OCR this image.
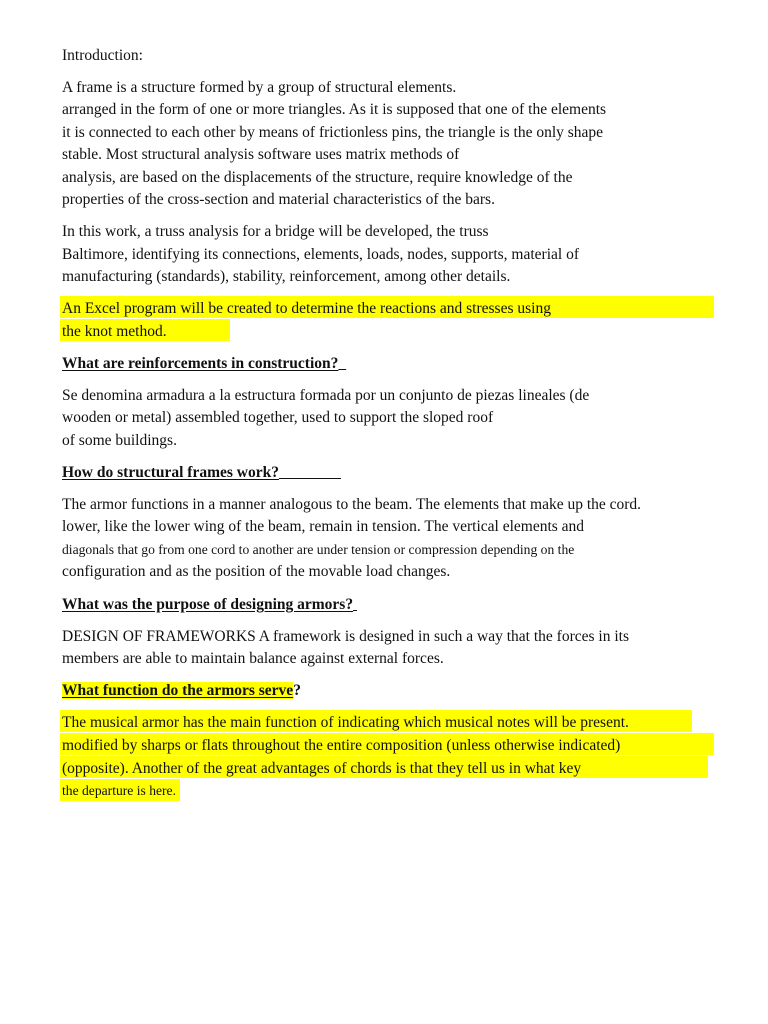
Introduction:
A frame is a structure formed by a group of structural elements.
arranged in the form of one or more triangles. As it is supposed that one of the elements
it is connected to each other by means of frictionless pins, the triangle is the only shape
stable. Most structural analysis software uses matrix methods of
analysis, are based on the displacements of the structure, require knowledge of the
properties of the cross-section and material characteristics of the bars.
In this work, a truss analysis for a bridge will be developed, the truss
Baltimore, identifying its connections, elements, loads, nodes, supports, material of
manufacturing (standards), stability, reinforcement, among other details.
An Excel program will be created to determine the reactions and stresses using
the knot method.
What are reinforcements in construction?
Se denomina armadura a la estructura formada por un conjunto de piezas lineales (de
wooden or metal) assembled together, used to support the sloped roof
of some buildings.
How do structural frames work?
The armor functions in a manner analogous to the beam. The elements that make up the cord.
lower, like the lower wing of the beam, remain in tension. The vertical elements and
diagonals that go from one cord to another are under tension or compression depending on the
configuration and as the position of the movable load changes.
What was the purpose of designing armors?
DESIGN OF FRAMEWORKS A framework is designed in such a way that the forces in its
members are able to maintain balance against external forces.
What function do the armors serve?
The musical armor has the main function of indicating which musical notes will be present.
modified by sharps or flats throughout the entire composition (unless otherwise indicated)
(opposite). Another of the great advantages of chords is that they tell us in what key
the departure is here.
